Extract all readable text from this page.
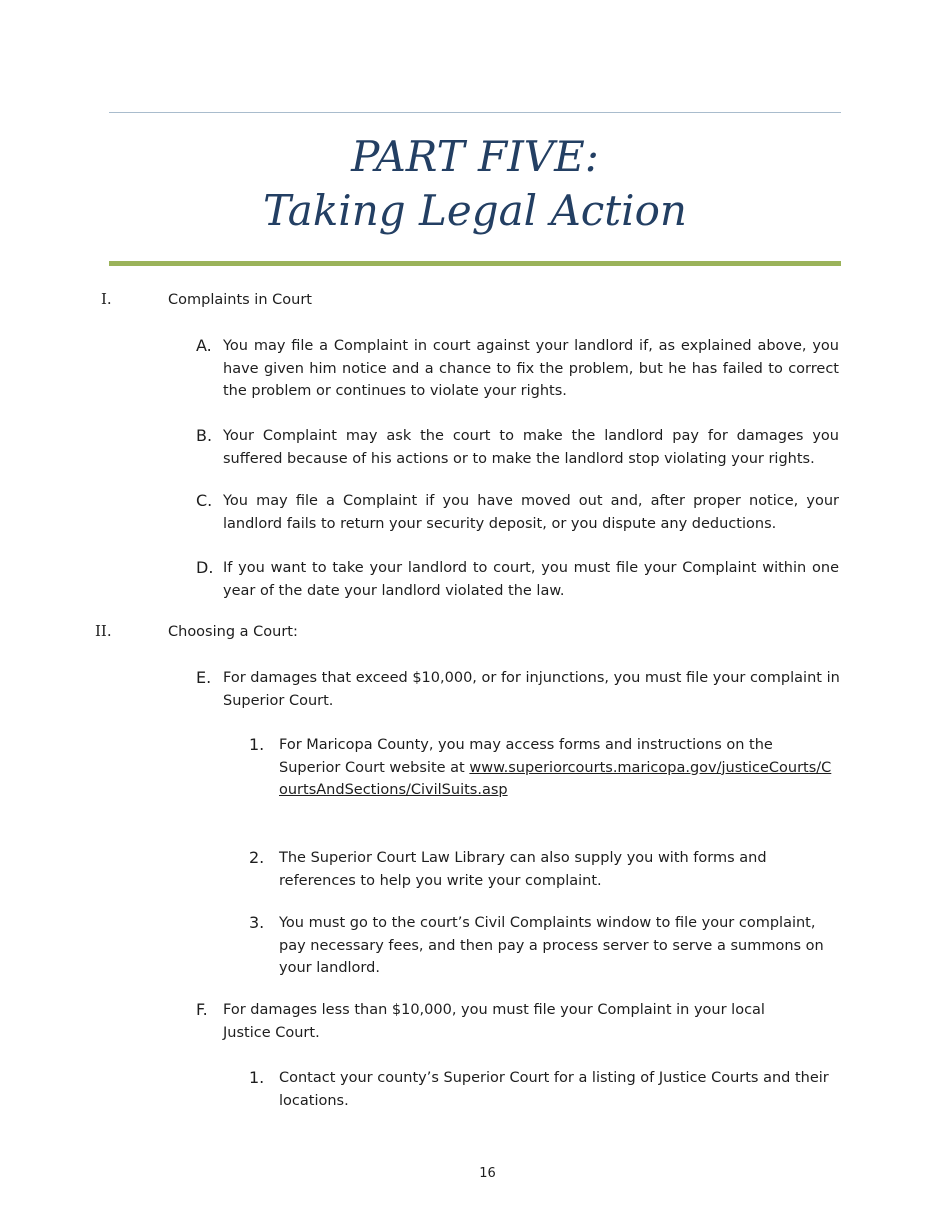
PART FIVE:
Taking Legal Action
I.	Complaints in Court
A. You may file a Complaint in court against your landlord if, as explained above, you have given him notice and a chance to fix the problem, but he has failed to correct the problem or continues to violate your rights.
B. Your Complaint may ask the court to make the landlord pay for damages you suffered because of his actions or to make the landlord stop violating your rights.
C. You may file a Complaint if you have moved out and, after proper notice, your landlord fails to return your security deposit, or you dispute any deductions.
D. If you want to take your landlord to court, you must file your Complaint within one year of the date your landlord violated the law.
II.	Choosing a Court:
E. For damages that exceed $10,000, or for injunctions, you must file your complaint in Superior Court.
1. For Maricopa County, you may access forms and instructions on the Superior Court website at www.superiorcourts.maricopa.gov/justiceCourts/CourtsAndSections/CivilSuits.asp
2. The Superior Court Law Library can also supply you with forms and references to help you write your complaint.
3. You must go to the court’s Civil Complaints window to file your complaint, pay necessary fees, and then pay a process server to serve a summons on your landlord.
F. For damages less than $10,000, you must file your Complaint in your local Justice Court.
1. Contact your county’s Superior Court for a listing of Justice Courts and their locations.
16
